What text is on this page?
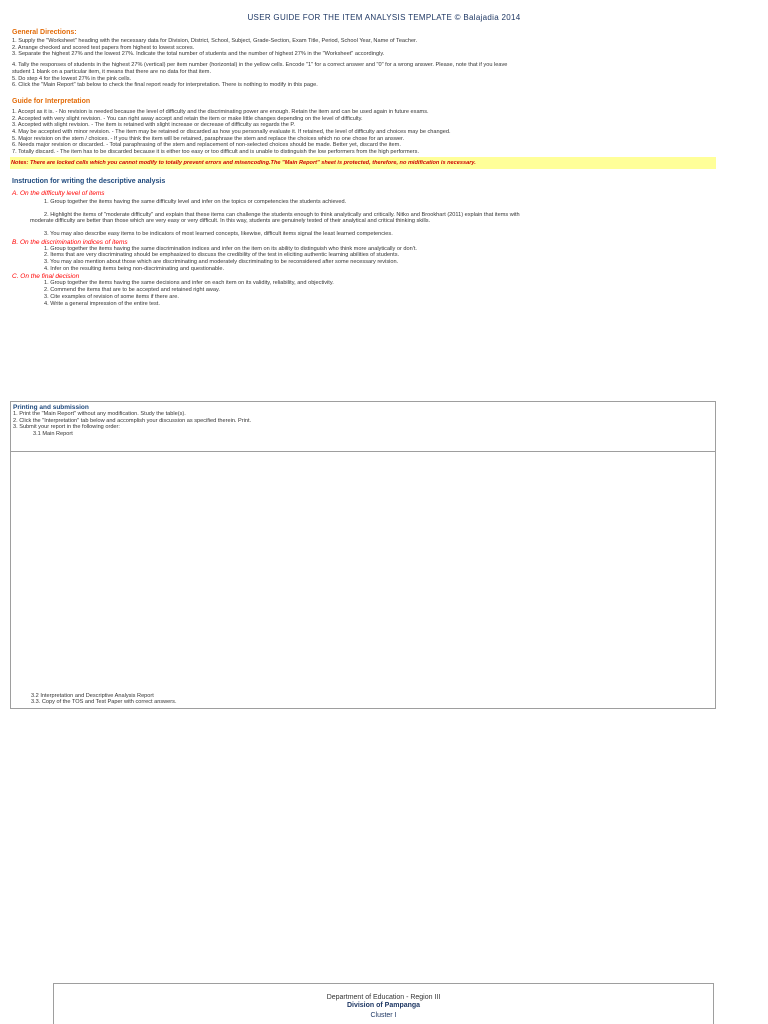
USER GUIDE FOR THE ITEM ANALYSIS TEMPLATE © Balajadia 2014

General Directions:

1. Supply the "Worksheet" heading with the necessary data for Division, District, School, Subject, Grade-Section, Exam Title, Period, School Year, Name of Teacher.

2. Arrange checked and scored test papers from highest to lowest scores.

3. Separate the highest 27% and the lowest 27%. Indicate the total number of students and the number of highest 27% in the "Worksheet" accordingly.

4. Tally the responses of students in the highest 27% (vertical) per item number (horizontal) in the yellow cells. Encode "1" for a correct answer and "0" for a wrong answer. Please, note that if you leave

student 1 blank on a particular item, it means that there are no data for that item.

5. Do step 4 for the lowest 27% in the pink cells.

6. Click the "Main Report" tab below to check the final report ready for interpretation. There is nothing to modify in this page.

Guide for Interpretation

1. Accept as it is. - No revision is needed because the level of difficulty and the discriminating power are enough. Retain the item and can be used again in future exams.

2. Accepted with very slight revision. - You can right away accept and retain the item or make little changes depending on the level of difficulty.

3. Accepted with slight revision. - The item is retained with slight increase or decrease of difficulty as regards the P.

4. May be accepted with minor revision. - The item may be retained or discarded as how you personally evaluate it. If retained, the level of difficulty and choices may be changed.

5. Major revision on the stem / choices. - If you think the item will be retained, paraphrase the stem and replace the choices which no one chose for an answer.

6. Needs major revision or discarded. - Total paraphrasing of the stem and replacement of non-selected choices should be made. Better yet, discard the item.

7. Totally discard. - The item has to be discarded because it is either too easy or too difficult and is unable to distinguish the low performers from the high performers.

Notes: There are locked cells which you cannot modify to totally prevent errors and misencoding.The "Main Report" sheet is protected, therefore, no midification is necessary.

Instruction for writing the descriptive analysis

A. On the difficulty level of items

1. Group together the items having the same difficulty level and infer on the topics or competencies the students achieved.

2. Highlight the items of "moderate difficulty" and explain that these items can challenge the students enough to think analytically and critically. Nitko and Brookhart (2011) explain that items with

moderate difficulty are better than those which are very easy or very difficult. In this way, students are genuinely tested of their analytical and critical thinking skills.

3. You may also describe easy items to be indicators of most learned concepts, likewise, difficult items signal the least learned competencies.

B. On the discrimination indices of items

1. Group together the items having the same discrimination indices and infer on the item on its ability to distinguish who think more analytically or don't.

2. Items that are very discriminating should be emphasized to discuss the credibility of the test in eliciting authentic learning abilities of students.

3. You may also mention about those which are discriminating and moderately discriminating to be reconsidered after some necessary revision.

4. Infer on the resulting items being non-discriminating and questionable.

C. On the final decision

1. Group together the items having the same decisions and infer on each item on its validity, reliability, and objectivity.

2. Commend the items that are to be accepted and retained right away.

3. Cite examples of revision of some items if there are.

4. Write a general impression of the entire test.

Printing and submission

1. Print the "Main Report" without any modification. Study the table(s).

2. Click the "Interpretation" tab below and accomplish your discussion as specified therein. Print.

3. Submit your report in the following order:

3.1 Main Report

3.2 Interpretation and Descriptive Analysis Report

3.3. Copy of the TOS and Test Paper with correct answers.

Department of Education - Region III
Division of Pampanga
Cluster I
